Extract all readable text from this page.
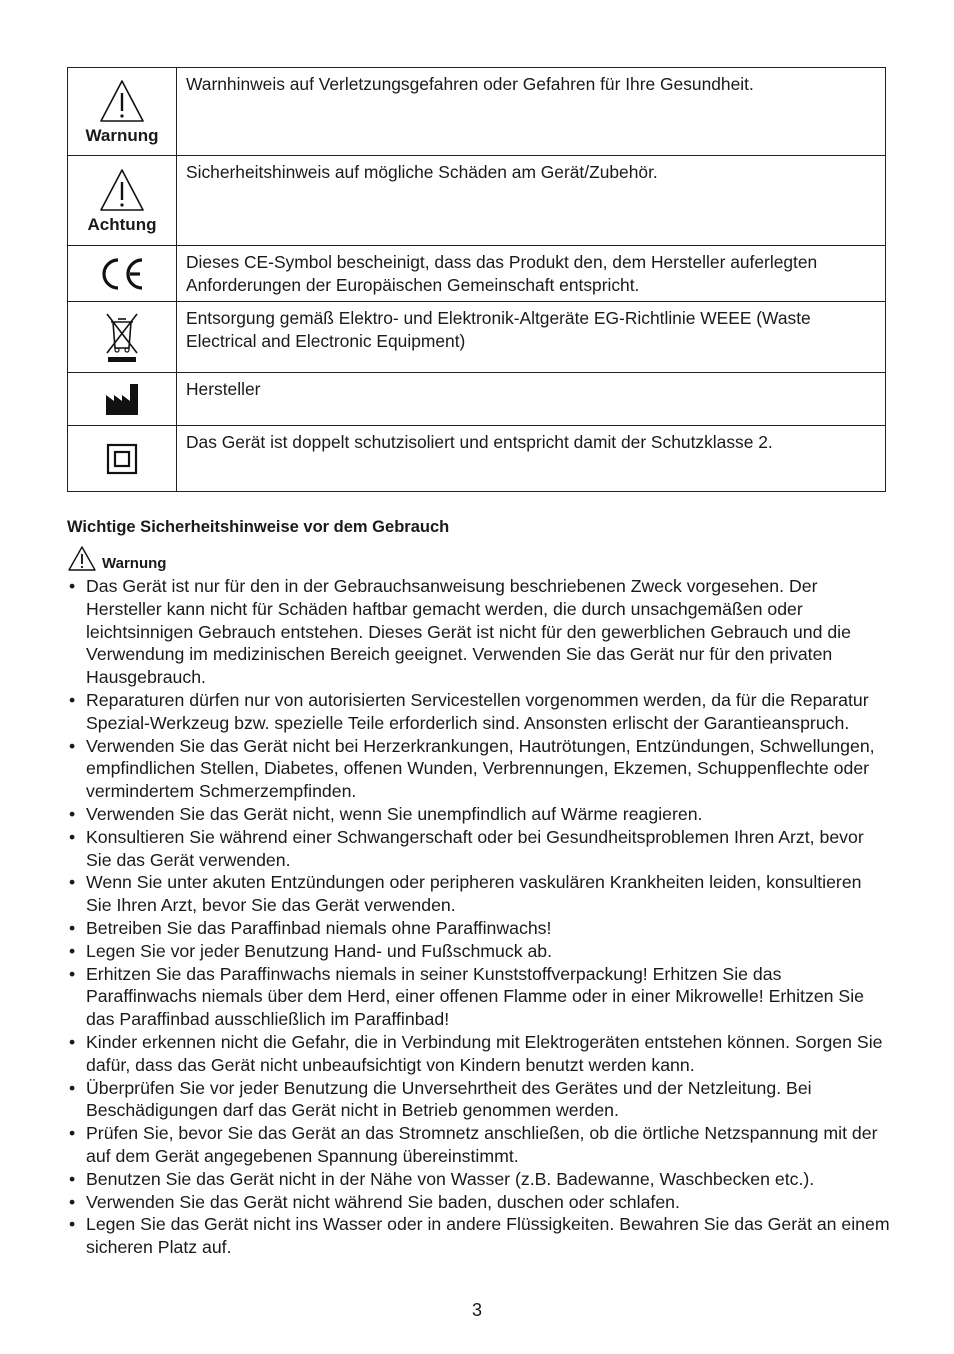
Warnung	Warnhinweis auf Verletzungsgefahren oder Gefahren für Ihre Gesundheit.

Achtung	Sicherheitshinweis auf mögliche Schäden am Gerät/Zubehör.

	Dieses CE-Symbol bescheinigt, dass das Produkt den, dem Hersteller auferlegten Anforderungen der Europäischen Gemeinschaft entspricht.

	Entsorgung gemäß Elektro- und Elektronik-Altgeräte EG-Richtlinie WEEE (Waste Electrical and Electronic Equipment)

	Hersteller

	Das Gerät ist doppelt schutzisoliert und entspricht damit der Schutzklasse 2.
Wichtige Sicherheitshinweise vor dem Gebrauch
Warnung
• Das Gerät ist nur für den in der Gebrauchsanweisung beschriebenen Zweck vorgesehen. Der Hersteller kann nicht für Schäden haftbar gemacht werden, die durch unsachgemäßen oder leichtsinnigen Gebrauch entstehen. Dieses Gerät ist nicht für den gewerblichen Gebrauch und die Verwendung im medizinischen Bereich geeignet. Verwenden Sie das Gerät nur für den privaten Hausgebrauch.
• Reparaturen dürfen nur von autorisierten Servicestellen vorgenommen werden, da für die Reparatur Spezial-Werkzeug bzw. spezielle Teile erforderlich sind. Ansonsten erlischt der Garantieanspruch.
• Verwenden Sie das Gerät nicht bei Herzerkrankungen, Hautrötungen, Entzündungen, Schwellungen, empfindlichen Stellen, Diabetes, offenen Wunden, Verbrennungen, Ekzemen, Schuppenflechte oder vermindertem Schmerzempfinden.
• Verwenden Sie das Gerät nicht, wenn Sie unempfindlich auf Wärme reagieren.
• Konsultieren Sie während einer Schwangerschaft oder bei Gesundheitsproblemen Ihren Arzt, bevor Sie das Gerät verwenden.
• Wenn Sie unter akuten Entzündungen oder peripheren vaskulären Krankheiten leiden, konsultieren Sie Ihren Arzt, bevor Sie das Gerät verwenden.
• Betreiben Sie das Paraffinbad niemals ohne Paraffinwachs!
• Legen Sie vor jeder Benutzung Hand- und Fußschmuck ab.
• Erhitzen Sie das Paraffinwachs niemals in seiner Kunststoffverpackung! Erhitzen Sie das Paraffinwachs niemals über dem Herd, einer offenen Flamme oder in einer Mikrowelle! Erhitzen Sie das Paraffinbad ausschließlich im Paraffinbad!
• Kinder erkennen nicht die Gefahr, die in Verbindung mit Elektrogeräten entstehen können. Sorgen Sie dafür, dass das Gerät nicht unbeaufsichtigt von Kindern benutzt werden kann.
• Überprüfen Sie vor jeder Benutzung die Unversehrtheit des Gerätes und der Netzleitung. Bei Beschädigungen darf das Gerät nicht in Betrieb genommen werden.
• Prüfen Sie, bevor Sie das Gerät an das Stromnetz anschließen, ob die örtliche Netzspannung mit der auf dem Gerät angegebenen Spannung übereinstimmt.
• Benutzen Sie das Gerät nicht in der Nähe von Wasser (z.B. Badewanne, Waschbecken etc.).
• Verwenden Sie das Gerät nicht während Sie baden, duschen oder schlafen.
• Legen Sie das Gerät nicht ins Wasser oder in andere Flüssigkeiten. Bewahren Sie das Gerät an einem sicheren Platz auf.
3
